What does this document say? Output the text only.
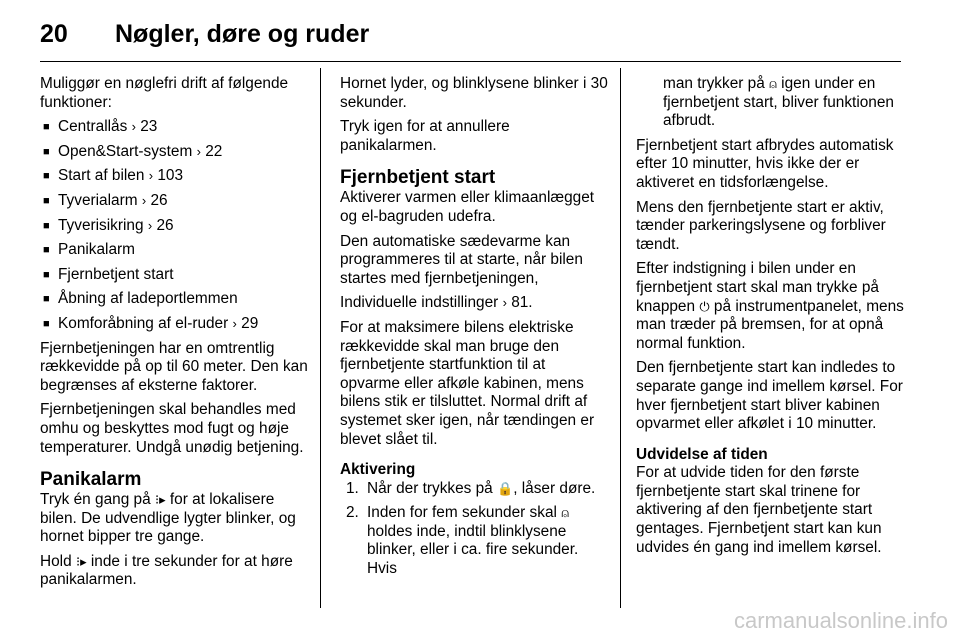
20 Nøgler, døre og ruder

Muliggør en nøglefri drift af følgende funktioner:

■ Centrallås › 23
■ Open&Start-system › 22
■ Start af bilen › 103
■ Tyverialarm › 26
■ Tyverisikring › 26
■ Panikalarm
■ Fjernbetjent start
■ Åbning af ladeportlemmen
■ Komforåbning af el-ruder › 29

Fjernbetjeningen har en omtrentlig rækkevidde på op til 60 meter. Den kan begrænses af eksterne faktorer.

Fjernbetjeningen skal behandles med omhu og beskyttes mod fugt og høje temperaturer. Undgå unødig betjening.

Panikalarm

Tryk én gang på ⁝▸ for at lokalisere bilen. De udvendlige lygter blinker, og hornet bipper tre gange.

Hold ⁝▸ inde i tre sekunder for at høre panikalarmen.

Hornet lyder, og blinklysene blinker i 30 sekunder.

Tryk igen for at annullere panikalarmen.

Fjernbetjent start

Aktiverer varmen eller klimaanlægget og el-bagruden udefra.

Den automatiske sædevarme kan programmeres til at starte, når bilen startes med fjernbetjeningen,

Individuelle indstillinger › 81.

For at maksimere bilens elektriske rækkevidde skal man bruge den fjernbetjente startfunktion til at opvarme eller afkøle kabinen, mens bilens stik er tilsluttet. Normal drift af systemet sker igen, når tændingen er blevet slået til.

Aktivering
1. Når der trykkes på 🔒, låser døre.
2. Inden for fem sekunder skal ⍝ holdes inde, indtil blinklysene blinker, eller i ca. fire sekunder. Hvis

man trykker på ⍝ igen under en fjernbetjent start, bliver funktionen afbrudt.

Fjernbetjent start afbrydes automatisk efter 10 minutter, hvis ikke der er aktiveret en tidsforlængelse.

Mens den fjernbetjente start er aktiv, tænder parkeringslysene og forbliver tændt.

Efter indstigning i bilen under en fjernbetjent start skal man trykke på knappen ⏻ på instrumentpanelet, mens man træder på bremsen, for at opnå normal funktion.

Den fjernbetjente start kan indledes to separate gange ind imellem kørsel. For hver fjernbetjent start bliver kabinen opvarmet eller afkølet i 10 minutter.

Udvidelse af tiden

For at udvide tiden for den første fjernbetjente start skal trinene for aktivering af den fjernbetjente start gentages. Fjernbetjent start kan kun udvides én gang ind imellem kørsel.

carmanualsonline.info
